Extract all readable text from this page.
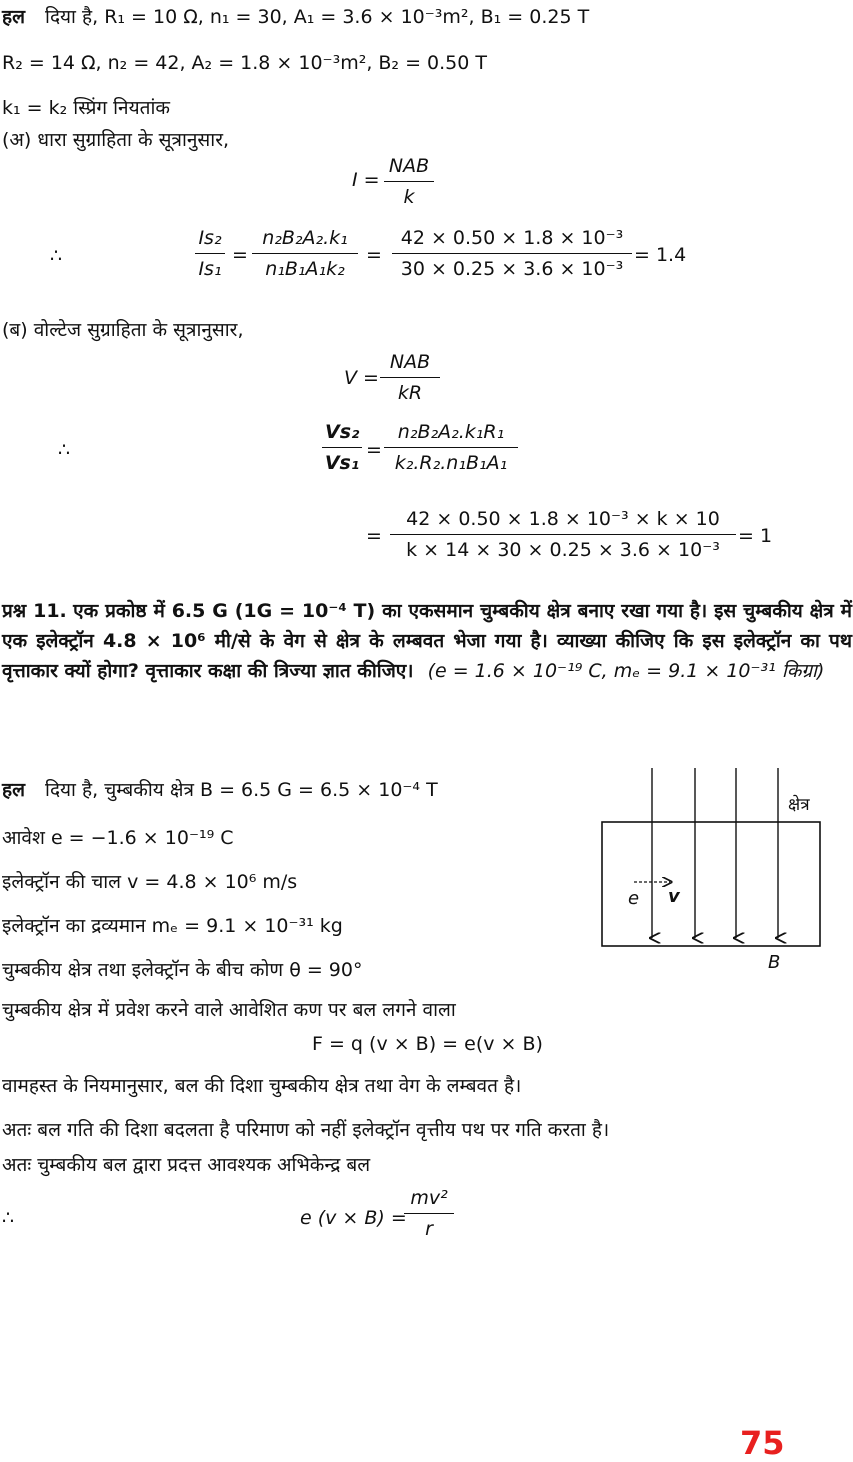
हल दिया है, R₁ = 10 Ω, n₁ = 30, A₁ = 3.6 × 10⁻³m², B₁ = 0.25 T
R₂ = 14 Ω, n₂ = 42, A₂ = 1.8 × 10⁻³m², B₂ = 0.50 T
k₁ = k₂ स्प्रिंग नियतांक
(अ) धारा सुग्राहिता के सूत्रानुसार,
I =
NAB
k
∴	$\frac{\text{Is₂}}{\text{Is₁}} = \frac{\text{n₂B₂A₂.k₁}}{\text{n₁B₁A₁k₂}} = \frac{\text{42 × 0.50 × 1.8 × 10⁻³}}{\text{30 × 0.25 × 3.6 × 10⁻³}} = 1.4$
(ब) वोल्टेज सुग्राहिता के सूत्रानुसार,
V =
NAB
kR
∴	$\frac{\text{Vs₂}}{\text{Vs₁}} = \frac{\text{n₂B₂A₂.k₁R₁}}{\text{k₂.R₂.n₁B₁A₁}}$
= $\frac{\text{42 × 0.50 × 1.8 × 10⁻³ × k × 10}}{\text{k × 14 × 30 × 0.25 × 3.6 × 10⁻³}} = 1$
प्रश्न 11. एक प्रकोष्ठ में 6.5 G (1G = 10⁻⁴ T) का एकसमान चुम्बकीय क्षेत्र बनाए रखा गया है। इस चुम्बकीय क्षेत्र में एक इलेक्ट्रॉन 4.8 × 10⁶ मी/से के वेग से क्षेत्र के लम्बवत भेजा गया है। व्याख्या कीजिए कि इस इलेक्ट्रॉन का पथ वृत्ताकार क्यों होगा? वृत्ताकार कक्षा की त्रिज्या ज्ञात कीजिए। (e = 1.6 × 10⁻¹⁹ C, mₑ = 9.1 × 10⁻³¹ किग्रा)
हल दिया है, चुम्बकीय क्षेत्र B = 6.5 G = 6.5 × 10⁻⁴ T
आवेश e = −1.6 × 10⁻¹⁹ C
इलेक्ट्रॉन की चाल v = 4.8 × 10⁶ m/s
इलेक्ट्रॉन का द्रव्यमान mₑ = 9.1 × 10⁻³¹ kg
चुम्बकीय क्षेत्र तथा इलेक्ट्रॉन के बीच कोण θ = 90°
चुम्बकीय क्षेत्र में प्रवेश करने वाले आवेशित कण पर बल लगने वाला
F = q (v × B) = e(v × B)
वामहस्त के नियमानुसार, बल की दिशा चुम्बकीय क्षेत्र तथा वेग के लम्बवत है।
अतः बल गति की दिशा बदलता है परिमाण को नहीं इलेक्ट्रॉन वृत्तीय पथ पर गति करता है।
अतः चुम्बकीय बल द्वारा प्रदत्त आवश्यक अभिकेन्द्र बल
∴	e (v × B) =
$\frac{\text{mv²}}{r}$
क्षेत्र
B
e v
75
